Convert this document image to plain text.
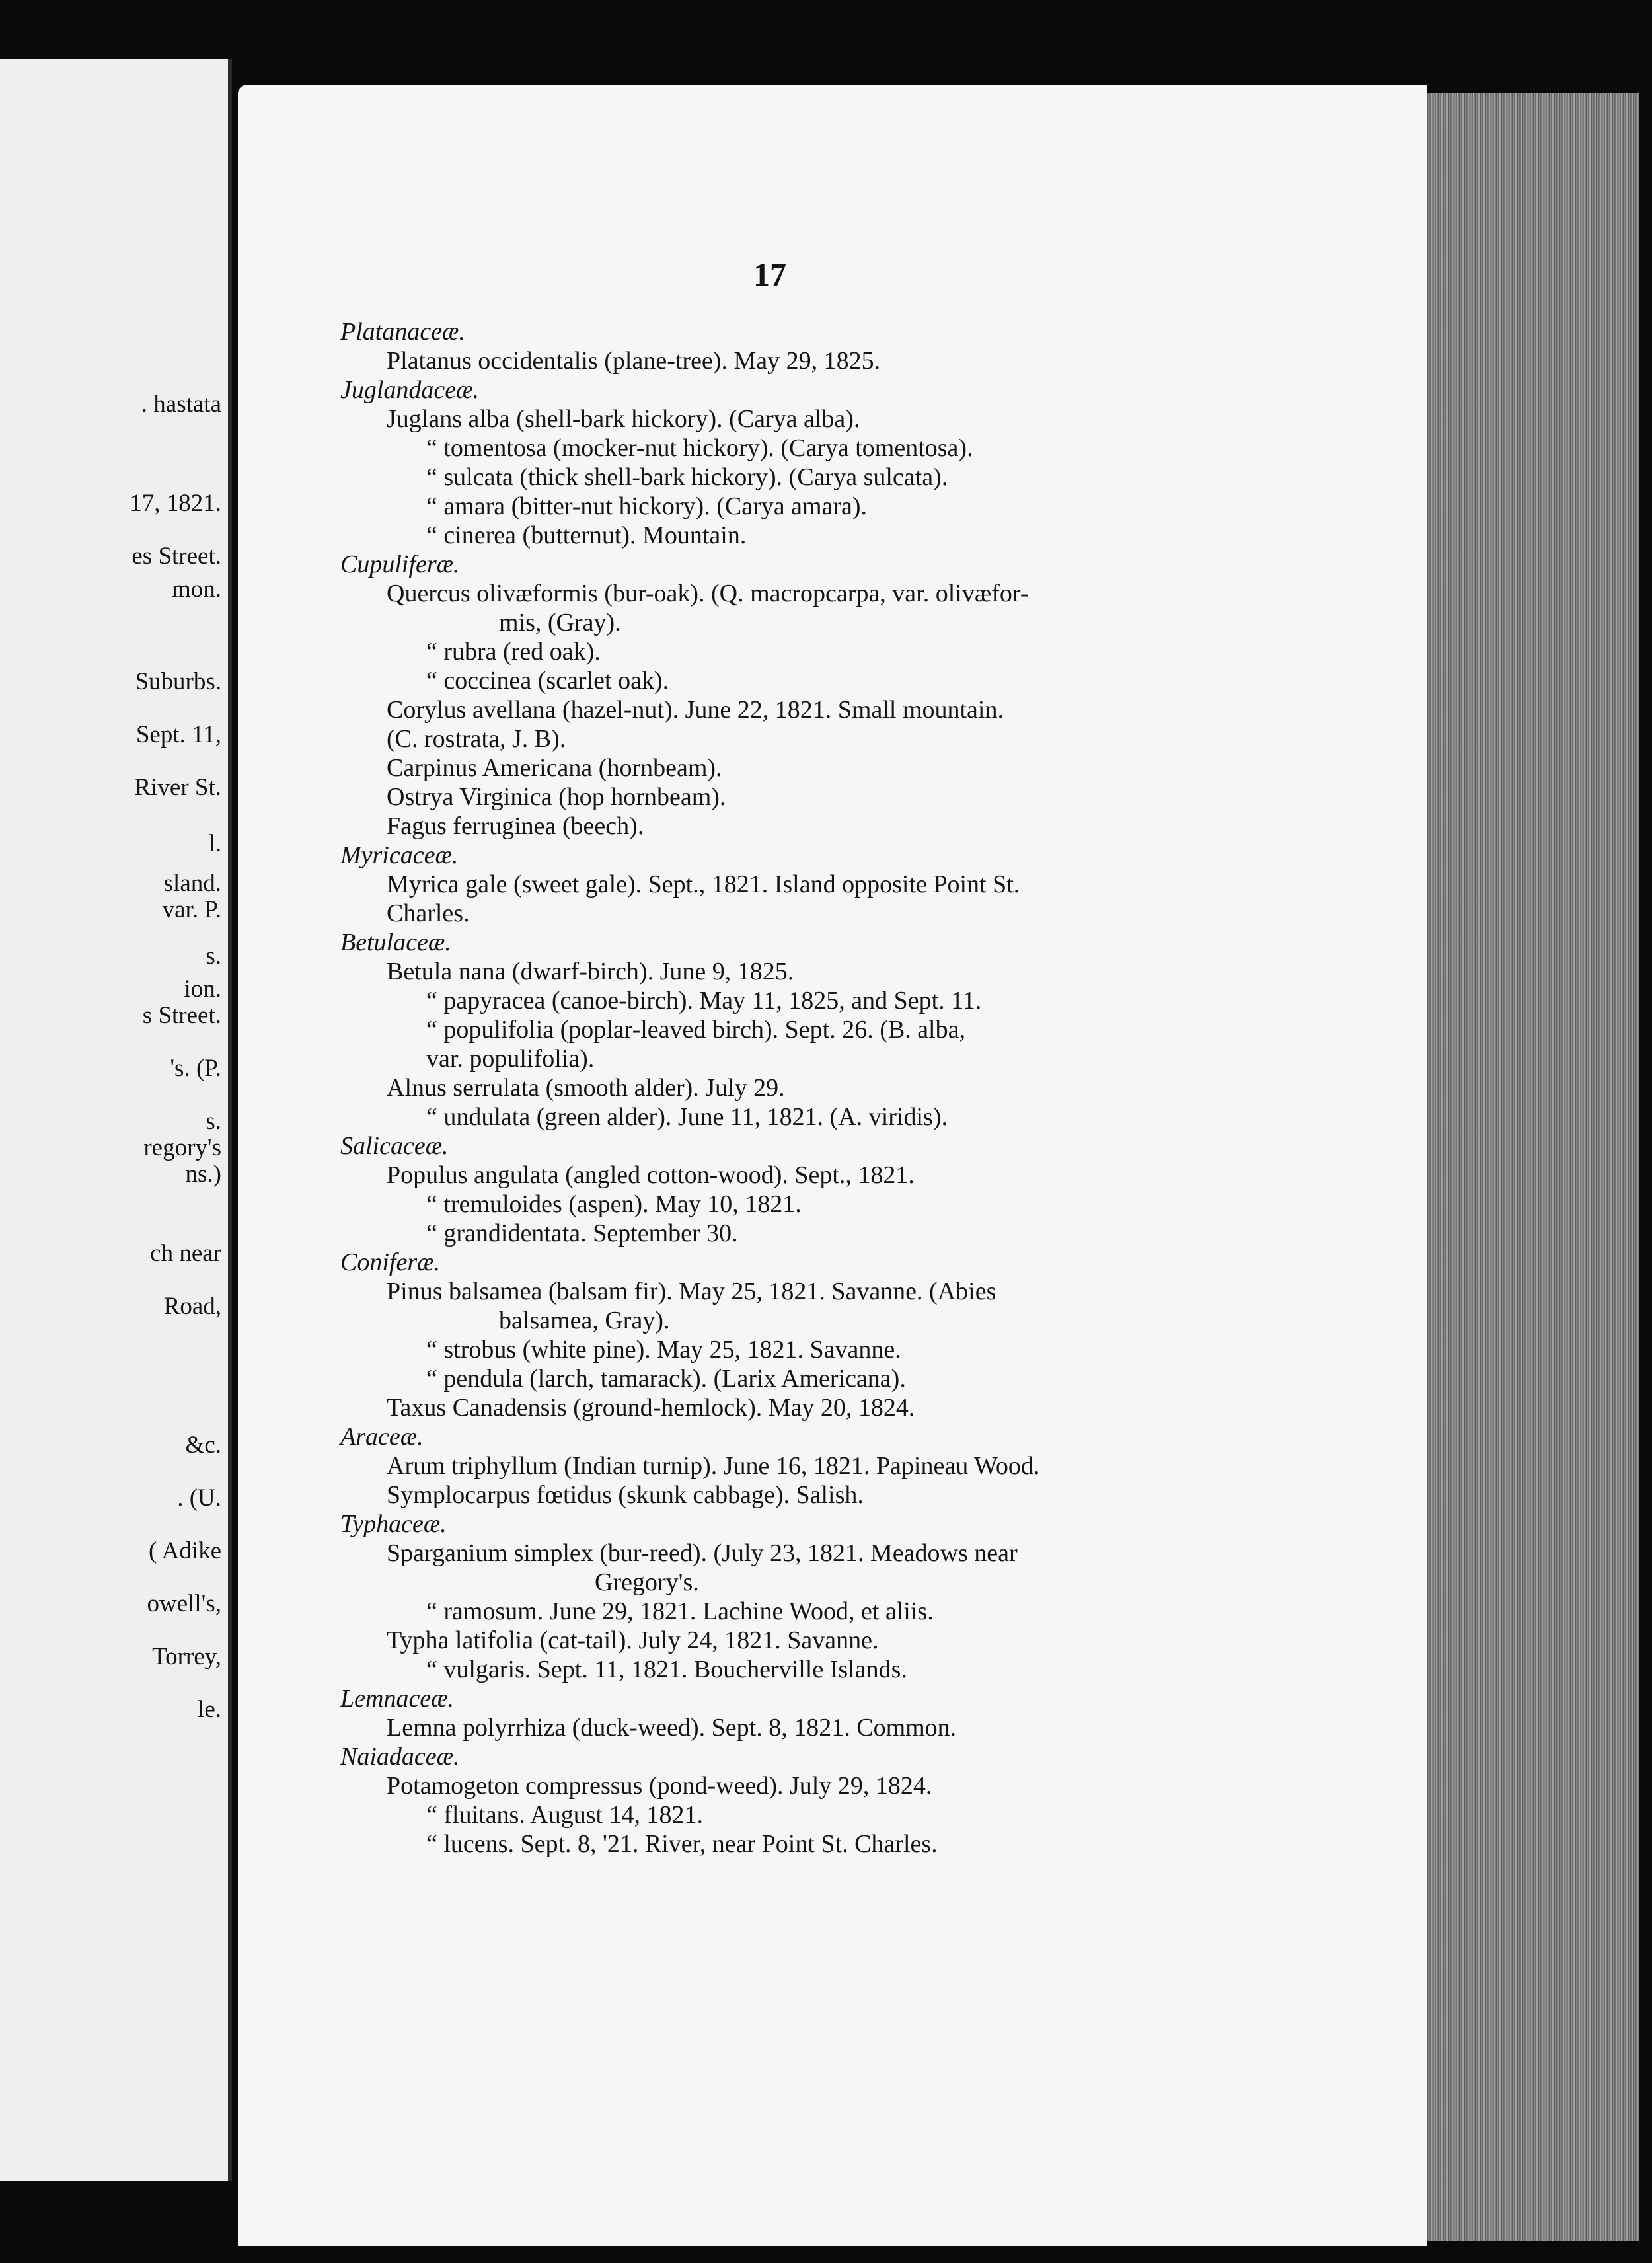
. hastata
17, 1821.
es Street.
mon.
Suburbs.
Sept. 11,
River St.
l.
sland.
var. P.
s.
ion.
s Street.
's. (P.
s.
regory's
ns.)
ch near
Road,
&c.
. (U.
( Adike
owell's,
Torrey,
le.
17
Platanaceæ.
Platanus occidentalis (plane-tree). May 29, 1825.
Juglandaceæ.
Juglans alba (shell-bark hickory). (Carya alba).
“ tomentosa (mocker-nut hickory). (Carya tomentosa).
“ sulcata (thick shell-bark hickory). (Carya sulcata).
“ amara (bitter-nut hickory). (Carya amara).
“ cinerea (butternut). Mountain.
Cupuliferæ.
Quercus olivæformis (bur-oak). (Q. macropcarpa, var. olivæfor-
mis, (Gray).
“ rubra (red oak).
“ coccinea (scarlet oak).
Corylus avellana (hazel-nut). June 22, 1821. Small mountain.
(C. rostrata, J. B).
Carpinus Americana (hornbeam).
Ostrya Virginica (hop hornbeam).
Fagus ferruginea (beech).
Myricaceæ.
Myrica gale (sweet gale). Sept., 1821. Island opposite Point St.
Charles.
Betulaceæ.
Betula nana (dwarf-birch). June 9, 1825.
“ papyracea (canoe-birch). May 11, 1825, and Sept. 11.
“ populifolia (poplar-leaved birch). Sept. 26. (B. alba,
var. populifolia).
Alnus serrulata (smooth alder). July 29.
“ undulata (green alder). June 11, 1821. (A. viridis).
Salicaceæ.
Populus angulata (angled cotton-wood). Sept., 1821.
“ tremuloides (aspen). May 10, 1821.
“ grandidentata. September 30.
Coniferæ.
Pinus balsamea (balsam fir). May 25, 1821. Savanne. (Abies
balsamea, Gray).
“ strobus (white pine). May 25, 1821. Savanne.
“ pendula (larch, tamarack). (Larix Americana).
Taxus Canadensis (ground-hemlock). May 20, 1824.
Araceæ.
Arum triphyllum (Indian turnip). June 16, 1821. Papineau Wood.
Symplocarpus fœtidus (skunk cabbage). Salish.
Typhaceæ.
Sparganium simplex (bur-reed). (July 23, 1821. Meadows near
Gregory's.
“ ramosum. June 29, 1821. Lachine Wood, et aliis.
Typha latifolia (cat-tail). July 24, 1821. Savanne.
“ vulgaris. Sept. 11, 1821. Boucherville Islands.
Lemnaceæ.
Lemna polyrrhiza (duck-weed). Sept. 8, 1821. Common.
Naiadaceæ.
Potamogeton compressus (pond-weed). July 29, 1824.
“ fluitans. August 14, 1821.
“ lucens. Sept. 8, '21. River, near Point St. Charles.
